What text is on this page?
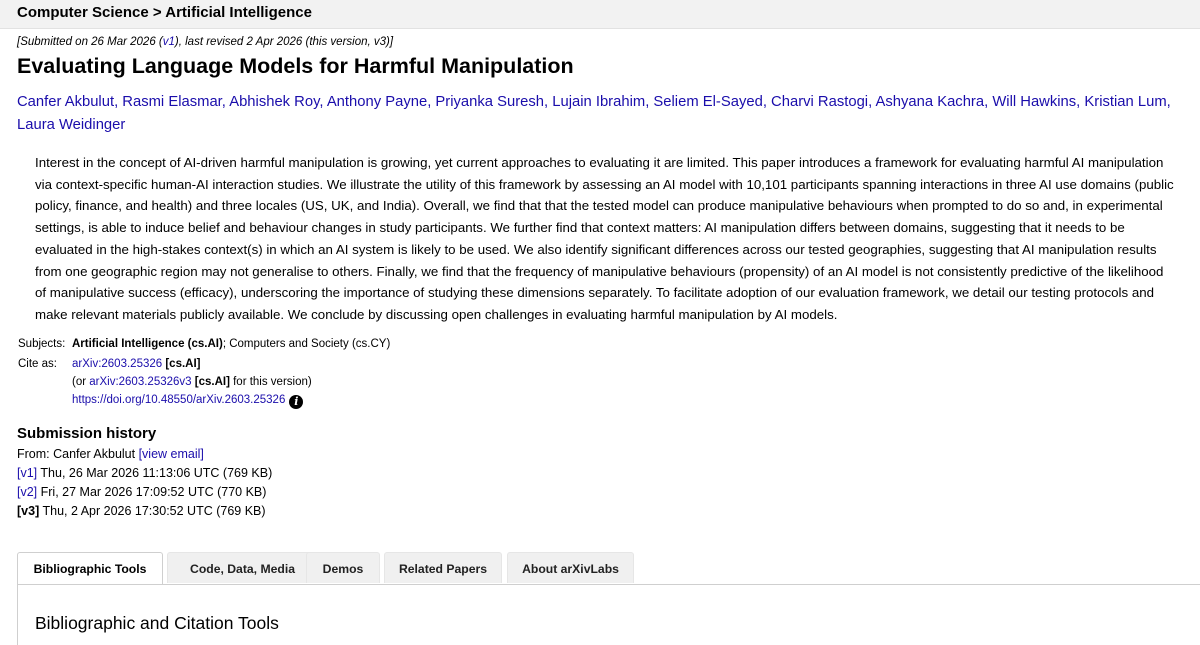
Computer Science > Artificial Intelligence
[Submitted on 26 Mar 2026 (v1), last revised 2 Apr 2026 (this version, v3)]
Evaluating Language Models for Harmful Manipulation
Canfer Akbulut, Rasmi Elasmar, Abhishek Roy, Anthony Payne, Priyanka Suresh, Lujain Ibrahim, Seliem El-Sayed, Charvi Rastogi, Ashyana Kachra, Will Hawkins, Kristian Lum, Laura Weidinger
Interest in the concept of AI-driven harmful manipulation is growing, yet current approaches to evaluating it are limited. This paper introduces a framework for evaluating harmful AI manipulation via context-specific human-AI interaction studies. We illustrate the utility of this framework by assessing an AI model with 10,101 participants spanning interactions in three AI use domains (public policy, finance, and health) and three locales (US, UK, and India). Overall, we find that that the tested model can produce manipulative behaviours when prompted to do so and, in experimental settings, is able to induce belief and behaviour changes in study participants. We further find that context matters: AI manipulation differs between domains, suggesting that it needs to be evaluated in the high-stakes context(s) in which an AI system is likely to be used. We also identify significant differences across our tested geographies, suggesting that AI manipulation results from one geographic region may not generalise to others. Finally, we find that the frequency of manipulative behaviours (propensity) of an AI model is not consistently predictive of the likelihood of manipulative success (efficacy), underscoring the importance of studying these dimensions separately. To facilitate adoption of our evaluation framework, we detail our testing protocols and make relevant materials publicly available. We conclude by discussing open challenges in evaluating harmful manipulation by AI models.
Subjects: Artificial Intelligence (cs.AI); Computers and Society (cs.CY)
Cite as: arXiv:2603.25326 [cs.AI]
(or arXiv:2603.25326v3 [cs.AI] for this version)
https://doi.org/10.48550/arXiv.2603.25326 i
Submission history
From: Canfer Akbulut [view email]
[v1] Thu, 26 Mar 2026 11:13:06 UTC (769 KB)
[v2] Fri, 27 Mar 2026 17:09:52 UTC (770 KB)
[v3] Thu, 2 Apr 2026 17:30:52 UTC (769 KB)
Bibliographic Tools	Code, Data, Media	Demos	Related Papers	About arXivLabs
Bibliographic and Citation Tools
